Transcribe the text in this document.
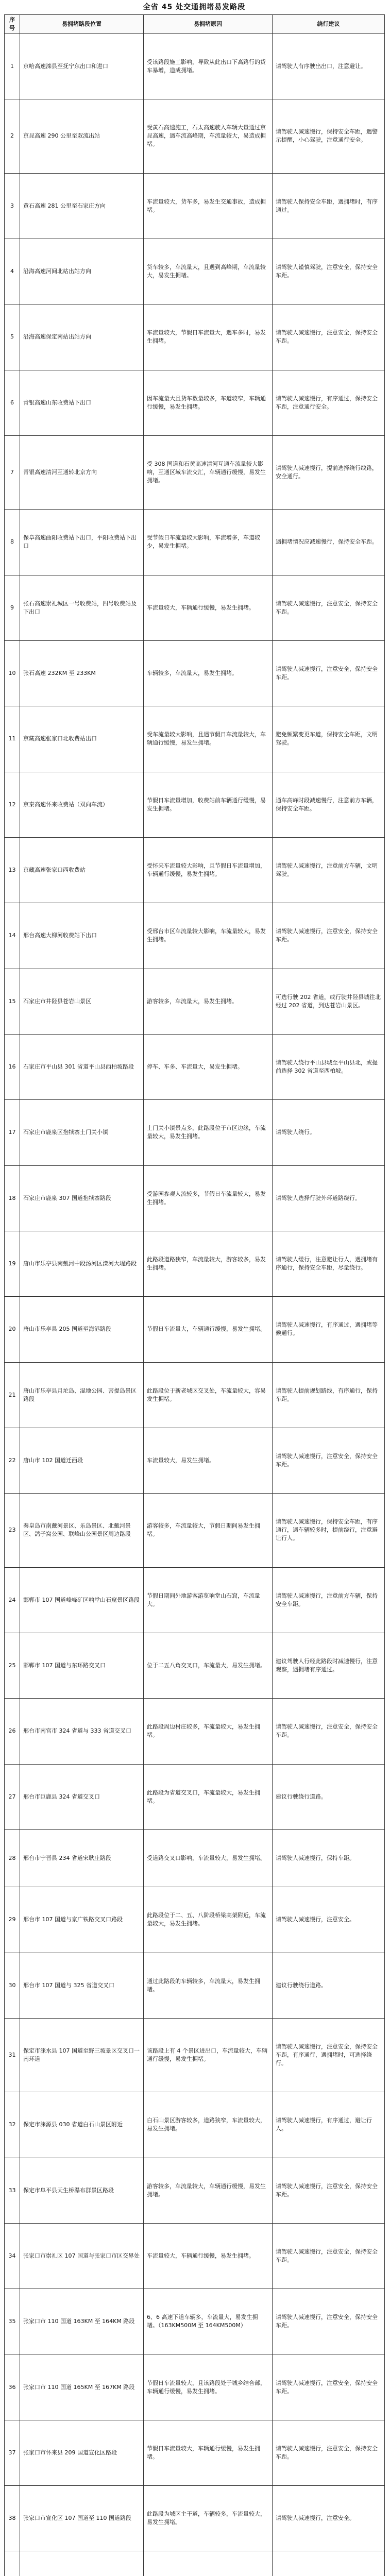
全省 45 处交通拥堵易发路段
序号	易拥堵路段位置	易拥堵原因	绕行建议
1	京哈高速滦县至抚宁东出口和进口	受该路段施工影响，导致从此出口下高路行的货车暴增，造成拥堵。	请驾驶人有序驶出出口，注意避让。
2	京昆高速 290 公里至双流出站	受黄石高速施工，石太高速驶入车辆大量通过京昆高速，遇车流高峰期，车流量较大，易造成拥堵。	请驾驶人减速慢行，保持安全车距，遇警示提醒，小心驾驶，注意通行安全。
3	黄石高速 281 公里至石家庄方向	车流量较大，货车多，易发生交通事故，造成拥堵。	请驾驶人保持安全车距，遇拥堵时，有序通过。
4	沿海高速河间北站出站方向	货车较多，车流量大，且遇到高峰期，车流量较大，易发生拥堵。	请驾驶人谨慎驾驶，注意安全，保持安全车距。
5	沿海高速保定南站出站方向	车流量较大，节假日车流量大，遇车多时，易发生拥堵。	请驾驶人减速慢行，注意安全，保持安全车距。
6	青银高速山东收费站下出口	因车流量大且货车数量较多，车道较窄，车辆通行缓慢，易发生拥堵。	请驾驶人减速慢行，有序通过，保持安全车距，注意通行安全。
7	青银高速清河互通转北京方向	受 308 国道和石黄高速清河互通车流量较大影响，互通区域车流交汇，车辆通行缓慢，易发生拥堵。	请驾驶人减速慢行，提前选择绕行线路，安全通行。
8	保阜高速曲阳收费站下出口，平阳收费站下出口	受节假日车流量较大影响，车流增多，车道较少，易发生拥堵。	遇拥堵情况应减速慢行，保持安全车距。
9	张石高速崇礼城区一号收费站，四号收费站及下出口	车流量较大，车辆通行缓慢，易发生拥堵。	请驾驶人减速慢行，注意安全，保持安全车距。
10	张石高速 232KM 至 233KM	车辆较多，车流量大，易发生拥堵。	请驾驶人减速慢行，注意安全，保持安全车距。
11	京藏高速张家口北收费站出口	受车流量较大影响，且遇节假日车流量较大，车辆通行缓慢，易发生拥堵。	避免频繁变更车道，保持安全车距，文明驾驶。
12	京秦高速怀来收费站（双向车流）	节假日车流量增加，收费站前车辆通行缓慢，易发生拥堵。	通车高峰时段减速慢行，注意前方车辆，保持安全车距。
13	京藏高速张家口西收费站	受怀来车流量较大影响，且节假日车流量增加，车辆通行缓慢，易发生拥堵。	请驾驶人减速慢行，注意前方车辆，文明驾驶。
14	邢台高速大柳河收费站下出口	受邢台市区车流量较大影响，车流量较大，易发生拥堵。	请驾驶人减速慢行，注意安全，保持安全车距。
15	石家庄市井陉县苍岩山景区	游客较多，车流量大，易发生拥堵。	可选行驶 202 省道，或行驶井陉县城往北经过 202 省道，到达苍岩山景区。
16	石家庄市平山县 301 省道平山县西柏坡路段	停车、车多、车流量大，易发生拥堵。	请驾驶人绕行平山县城至平山县北，或提前选择 302 省道至西柏坡。
17	石家庄市鹿泉区抱犊寨土门关小镇	土门关小镇景点多，此路段位于市区边缘，车流量较大，易发生拥堵。	请驾驶人绕行。
18	石家庄市鹿泉 307 国道抱犊寨路段	受游园参观人流较多，节假日车流量较大，易发生拥堵。	请驾驶人选择行驶外环道路绕行。
19	唐山市乐亭县南戴河中段汤河区滦河大堤路段	此路段道路狭窄，车流量较大，游客较多，易发生拥堵。	请驾驶人缓行，注意避让行人，遇拥堵有序通行，保持安全车距，尽量绕行。
20	唐山市乐亭县 205 国道至海港路段	节假日车流量大，车辆通行缓慢，易发生拥堵。	请驾驶人减速慢行，有序通过，遇拥堵等候通行。
21	唐山市乐亭县月坨岛、湿地公园、菩提岛景区路段	此路段位于新老城区交叉处，车流量较大，容易发生拥堵。	请驾驶人提前规划路线，有序通行，保持车距。
22	唐山市 102 国道迁西段	车流量较大，易发生拥堵。	请驾驶人减速慢行，注意安全，保持安全车距。
23	秦皇岛市南戴河景区、乐岛景区、北戴河景区、鸽子窝公园、联峰山公园景区周边路段	游客较多，车流量较大，节假日期间易发生拥堵。	请驾驶人减速慢行，保持安全车距，有序通行，遇车辆较多时，提前绕行，注意避让行人。
24	邯郸市 107 国道峰峰矿区响堂山石窟景区路段	节假日期间外地游客游览响堂山石窟，车流量大。	请驾驶人减速慢行，注意前方车辆，保持安全车距。
25	邯郸市 107 国道与东环路交叉口	位于二五八角交叉口，车流量大，易发生拥堵。	建议驾驶人行经此路段时减速慢行，注意观察，遇拥堵有序通过。
26	邢台市南宫市 324 省道与 333 省道交叉口	此路段周边村庄较多，车流量较大，易发生拥堵。	请驾驶人减速慢行，注意安全，保持安全车距。
27	邢台市巨鹿县 324 省道交叉口	此路段为省道交叉口，车流量较大，易发生拥堵。	建议行驶绕行道路。
28	邢台市宁晋县 234 省道宋耿庄路段	受道路交叉口影响，车流量较大，易发生拥堵。	请驾驶人减速慢行，保持车距。
29	邢台市 107 国道与京广铁路交叉口路段	此路段位于二、五、八阶段桥梁高架附近，车流量较大，易发生拥堵。	请驾驶人减速慢行，注意安全。
30	邢台市 107 国道与 325 省道交叉口	通过此路段的车辆较多，车流量大，易发生拥堵。	建议行驶绕行道路。
31	保定市涞水县 107 国道至野三坡景区交叉口一南环道	该路段上有 4 个景区进出口，车流量较大，车辆通行缓慢，易发生拥堵。	请驾驶人减速慢行，注意安全，保持安全车距，有序通行，遇拥堵时，可选择绕行。
32	保定市涞源县 030 省道白石山景区附近	白石山景区游客较多，道路狭窄，车流量较大，易发生拥堵。	请驾驶人减速慢行，有序通过，避让行人。
33	保定市阜平县天生桥瀑布群景区路段	游客较多，车流量较大，车辆通行缓慢，易发生拥堵。	请驾驶人减速慢行，注意安全，保持安全车距。
34	张家口市崇礼区 107 国道与张家口市区交界处	车流量较大，车辆通行缓慢，易发生拥堵。	请驾驶人减速慢行，注意安全，保持安全车距。
35	张家口市 110 国道 163KM 至 164KM 路段	6、6 高速下道车辆多，车流量大，易发生拥堵。（163KM500M 至 164KM500M）	请驾驶人减速慢行，注意安全，保持安全车距。
36	张家口市 110 国道 165KM 至 167KM 路段	节假日车流量较大，且该路段处于城乡结合部，车辆通行缓慢，易发生拥堵。	请驾驶人减速慢行，注意安全，保持安全车距。
37	张家口市怀来县 209 国道宣化区路段	节假日车流量较大，车辆通行缓慢，易发生拥堵。	请驾驶人减速慢行，注意安全，保持安全车距。
38	张家口市宣化区 107 国道至 110 国道路段	此路段为城区主干道，车辆较多，车流量较大，易发生拥堵。	请驾驶人减速慢行，注意安全。
